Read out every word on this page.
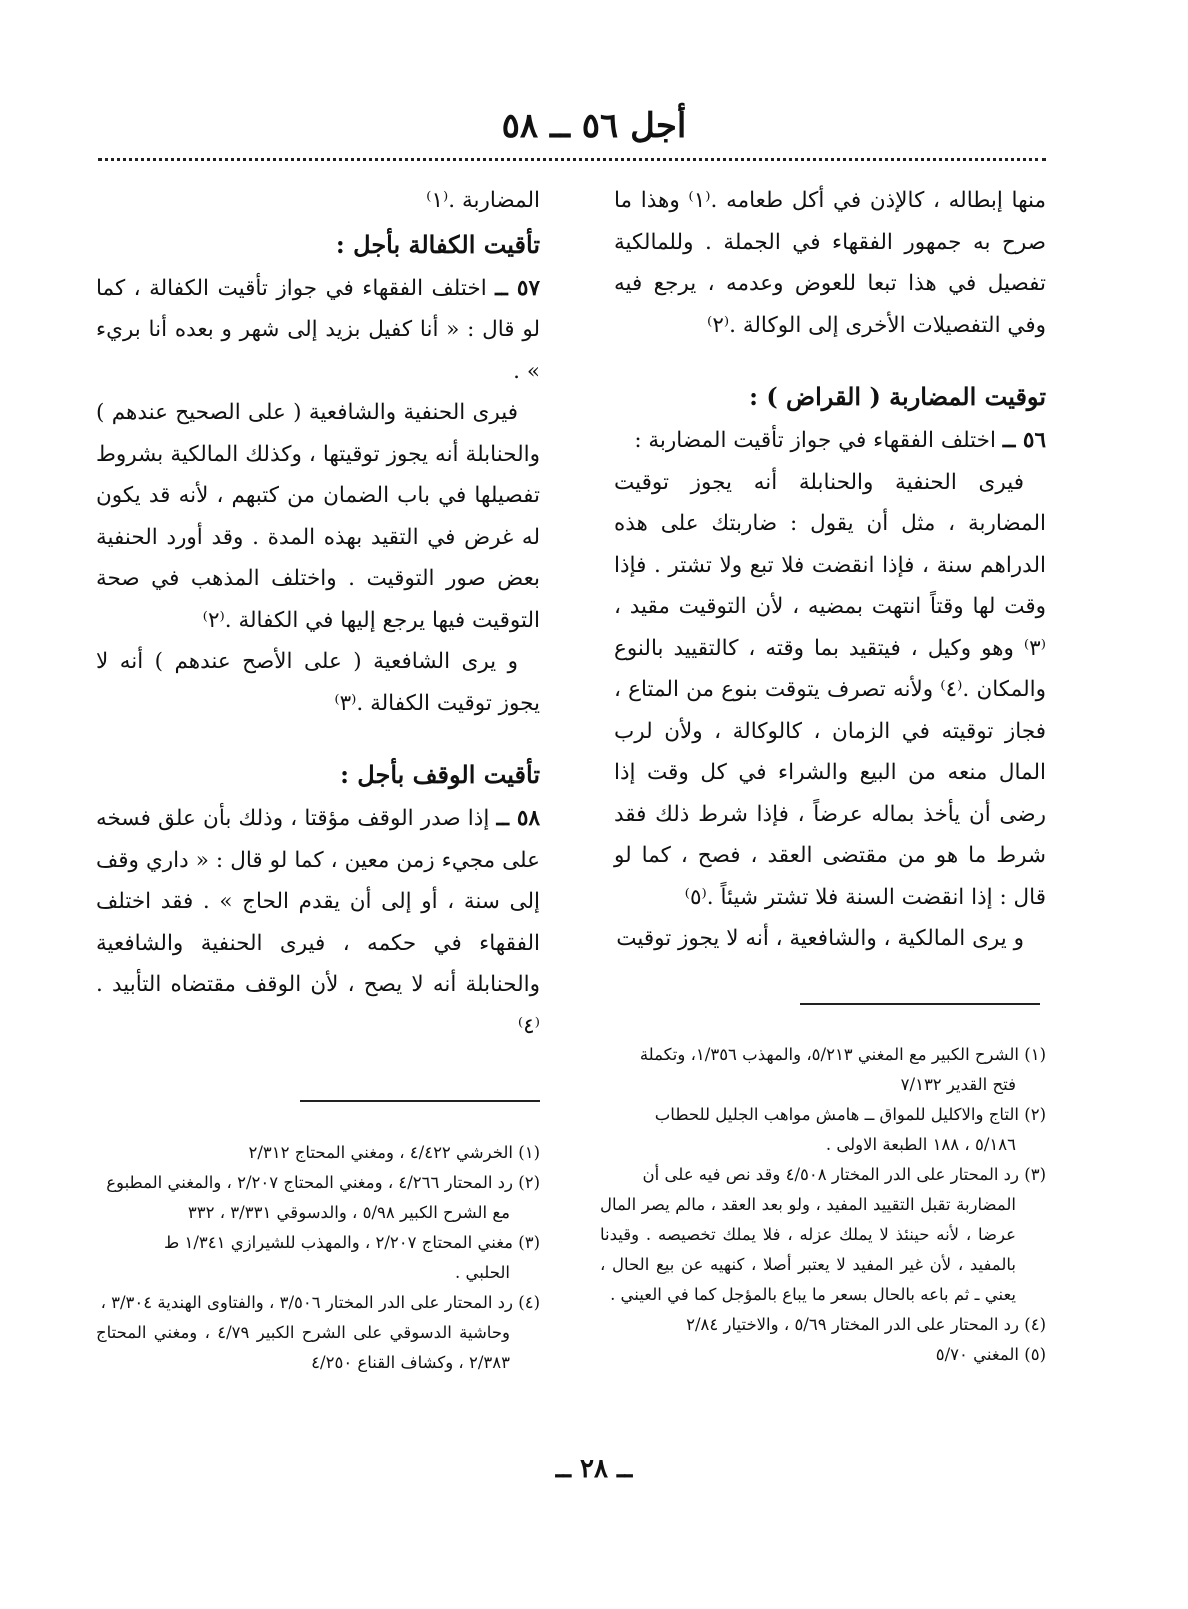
أجل ٥٦ ــ ٥٨

منها إبطاله ، كالإذن في أكل طعامه .⁽١⁾ وهذا ما صرح به جمهور الفقهاء في الجملة . وللمالكية تفصيل في هذا تبعا للعوض وعدمه ، يرجع فيه وفي التفصيلات الأخرى إلى الوكالة .⁽٢⁾

توقيت المضاربة ( القراض ) :

٥٦ ــ اختلف الفقهاء في جواز تأقيت المضاربة :

فيرى الحنفية والحنابلة أنه يجوز توقيت المضاربة ، مثل أن يقول : ضاربتك على هذه الدراهم سنة ، فإذا انقضت فلا تبع ولا تشتر . فإذا وقت لها وقتاً انتهت بمضيه ، لأن التوقيت مقيد ،⁽٣⁾ وهو وكيل ، فيتقيد بما وقته ، كالتقييد بالنوع والمكان .⁽٤⁾ ولأنه تصرف يتوقت بنوع من المتاع ، فجاز توقيته في الزمان ، كالوكالة ، ولأن لرب المال منعه من البيع والشراء في كل وقت إذا رضى أن يأخذ بماله عرضاً ، فإذا شرط ذلك فقد شرط ما هو من مقتضى العقد ، فصح ، كما لو قال : إذا انقضت السنة فلا تشتر شيئاً .⁽٥⁾

و يرى المالكية ، والشافعية ، أنه لا يجوز توقيت

المضاربة .⁽١⁾

تأقيت الكفالة بأجل :

٥٧ ــ اختلف الفقهاء في جواز تأقيت الكفالة ، كما لو قال : « أنا كفيل بزيد إلى شهر و بعده أنا بريء » .

فيرى الحنفية والشافعية ( على الصحيح عندهم ) والحنابلة أنه يجوز توقيتها ، وكذلك المالكية بشروط تفصيلها في باب الضمان من كتبهم ، لأنه قد يكون له غرض في التقيد بهذه المدة . وقد أورد الحنفية بعض صور التوقيت . واختلف المذهب في صحة التوقيت فيها يرجع إليها في الكفالة .⁽٢⁾

و يرى الشافعية ( على الأصح عندهم ) أنه لا يجوز توقيت الكفالة .⁽٣⁾

تأقيت الوقف بأجل :

٥٨ ــ إذا صدر الوقف مؤقتا ، وذلك بأن علق فسخه على مجيء زمن معين ، كما لو قال : « داري وقف إلى سنة ، أو إلى أن يقدم الحاج » . فقد اختلف الفقهاء في حكمه ، فيرى الحنفية والشافعية والحنابلة أنه لا يصح ، لأن الوقف مقتضاه التأبيد .⁽٤⁾

(١) الشرح الكبير مع المغني ٥/٢١٣، والمهذب ١/٣٥٦، وتكملة

فتح القدير ٧/١٣٢

(٢) التاج والاكليل للمواق ــ هامش مواهب الجليل للحطاب

٥/١٨٦ ، ١٨٨ الطبعة الاولى .

(٣) رد المحتار على الدر المختار ٤/٥٠٨ وقد نص فيه على أن

المضاربة تقبل التقييد المفيد ، ولو بعد العقد ، مالم يصر المال عرضا ، لأنه حينئذ لا يملك عزله ، فلا يملك تخصيصه . وقيدنا بالمفيد ، لأن غير المفيد لا يعتبر أصلا ، كنهيه عن بيع الحال ، يعني ـ ثم باعه بالحال بسعر ما يباع بالمؤجل كما في العيني .

(٤) رد المحتار على الدر المختار ٥/٦٩ ، والاختيار ٢/٨٤

(٥) المغني ٥/٧٠

(١) الخرشي ٤/٤٢٢ ، ومغني المحتاج ٢/٣١٢

(٢) رد المحتار ٤/٢٦٦ ، ومغني المحتاج ٢/٢٠٧ ، والمغني المطبوع

مع الشرح الكبير ٥/٩٨ ، والدسوقي ٣/٣٣١ ، ٣٣٢

(٣) مغني المحتاج ٢/٢٠٧ ، والمهذب للشيرازي ١/٣٤١ ط

الحلبي .

(٤) رد المحتار على الدر المختار ٣/٥٠٦ ، والفتاوى الهندية ٣/٣٠٤ ،

وحاشية الدسوقي على الشرح الكبير ٤/٧٩ ، ومغني المحتاج ٢/٣٨٣ ، وكشاف القناع ٤/٢٥٠

ــ ٢٨ ــ
